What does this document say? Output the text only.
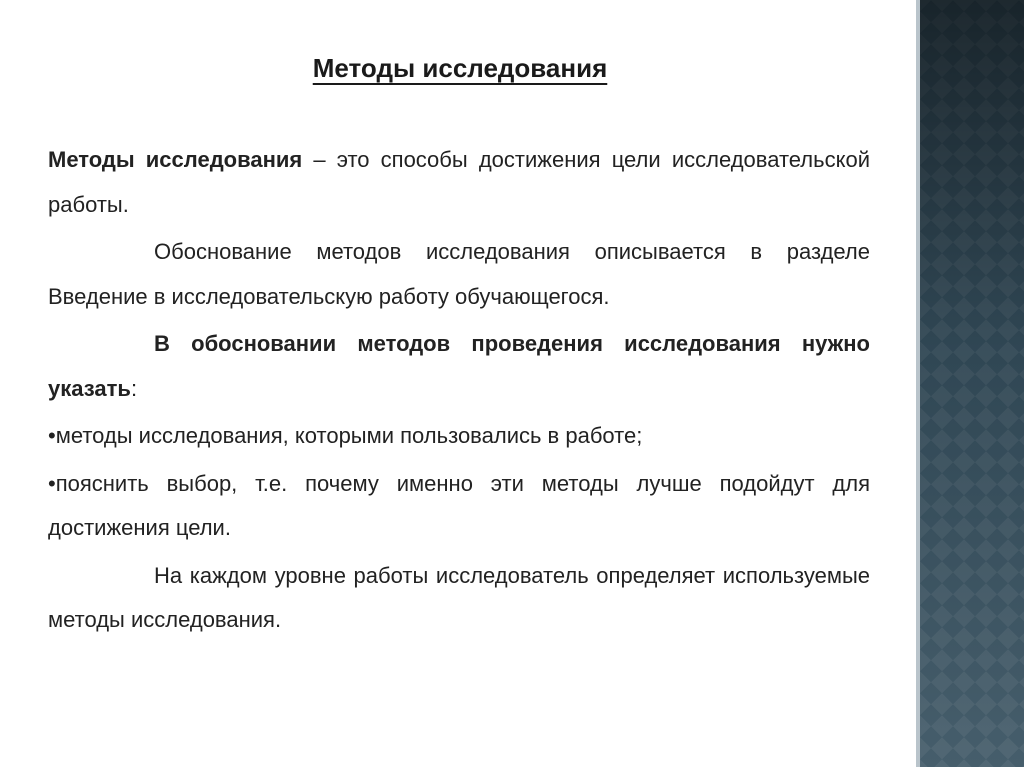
Методы исследования

Методы исследования – это способы достижения цели исследовательской работы.

Обоснование методов исследования описывается в разделе Введение в исследовательскую работу обучающегося.

В обосновании методов проведения исследования нужно указать:

•методы исследования, которыми пользовались в работе;

•пояснить выбор, т.е. почему именно эти методы лучше подойдут для достижения цели.

На каждом уровне работы исследователь определяет используемые методы исследования.
